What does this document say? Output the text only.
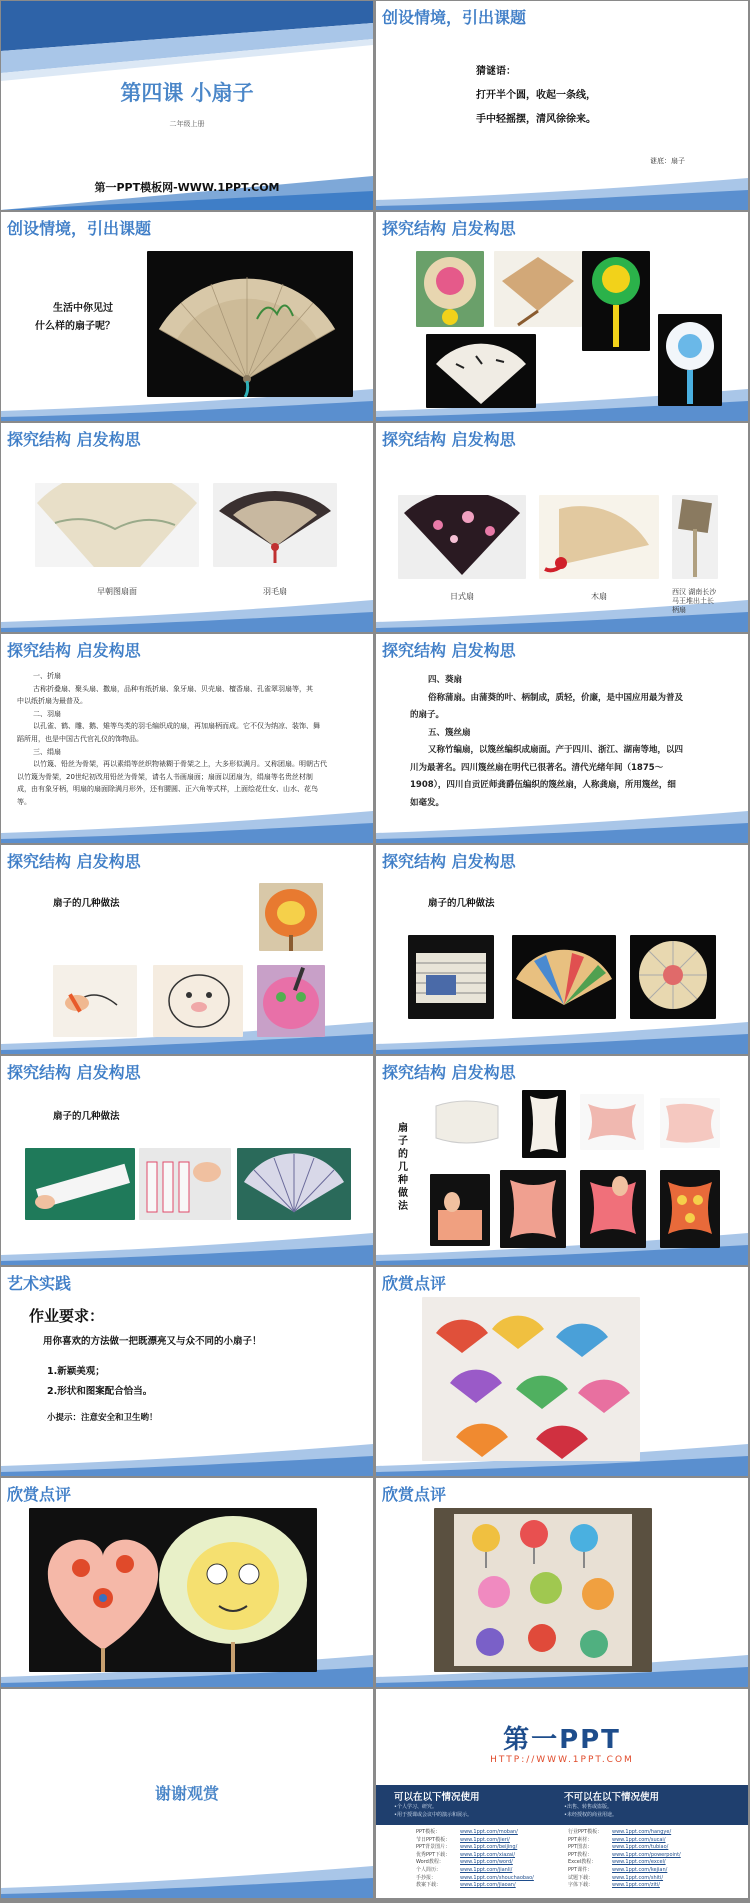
第四课 小扇子
二年级上册
第一PPT模板网-WWW.1PPT.COM
创设情境，引出课题
猜谜语：
打开半个圆，收起一条线，
手中轻摇摆，清风徐徐来。
谜底：扇子
创设情境，引出课题
生活中你见过
什么样的扇子呢？
探究结构 启发构思
探究结构 启发构思
早朝图扇面	羽毛扇
探究结构 启发构思
日式扇	木扇	西汉 湖南长沙
马王堆出土长
柄扇
探究结构 启发构思
一、折扇
古称折叠扇、聚头扇、撒扇，品种有纸折扇、象牙扇、贝壳扇、檀香扇、孔雀翠羽扇等，其
中以纸折扇为最普及。
二、羽扇
以孔雀、鹤、雕、鹅、雉等鸟类的羽毛编织成的扇，再加扇柄而成。它不仅为纳凉、装饰、舞
蹈所用，也是中国古代官礼仪的饰物品。
三、绢扇
以竹篾、铅丝为骨架，再以素绢等丝织物裱糊于骨架之上，大多形似满月。又称团扇。明朝古代
以竹篾为骨架，20世纪初改用铅丝为骨架，请名人书画扇面；扇面以团扇为，绢扇等名贵丝材制
成，由有象牙柄，明扇的扇面除满月形外，还有腰圆、正六角等式样，上面绘花仕女、山水、花鸟
等。
探究结构 启发构思
四、葵扇
俗称蒲扇。由蒲葵的叶、柄制成，质轻，价廉，是中国应用最为普及
的扇子。
五、篾丝扇
又称竹编扇，以篾丝编织成扇面。产于四川、浙江、湖南等地，以四
川为最著名。四川篾丝扇在明代已很著名。清代光绪年间（1875～
1908），四川自贡匠师龚爵伍编织的篾丝扇，人称龚扇，所用篾丝，细
如毫发。
探究结构 启发构思
扇子的几种做法
探究结构 启发构思
扇子的几种做法
探究结构 启发构思
扇子的几种做法
探究结构 启发构思
扇子的几种做法
艺术实践
作业要求：
用你喜欢的方法做一把既漂亮又与众不同的小扇子！
1.新颖美观；
2.形状和图案配合恰当。
小提示：注意安全和卫生哟！
欣赏点评
欣赏点评	欣赏点评
谢谢观赏
第一PPT
HTTP://WWW.1PPT.COM
可以在以下情况使用
•个人学习、研究。
•用于授课或会议中的演示和展示。
不可以在以下情况使用
•出售、转售或盗版。
•未经授权的商业用途。
PPT模板：	www.1ppt.com/moban/
节日PPT模板： www.1ppt.com/jieri/
PPT背景图片： www.1ppt.com/beijing/
优秀PPT下载： www.1ppt.com/xiazai/
Word教程：	www.1ppt.com/word/
个人简历：	www.1ppt.com/jianli/
手抄报：	www.1ppt.com/shouchaobao/
教案下载：	www.1ppt.com/jiaoan/
行业PPT模板： www.1ppt.com/hangye/
PPT素材：	www.1ppt.com/sucai/
PPT图表：	www.1ppt.com/tubiao/
PPT教程：	www.1ppt.com/powerpoint/
Excel教程：	www.1ppt.com/excel/
PPT课件：	www.1ppt.com/kejian/
试题下载：	www.1ppt.com/shiti/
字体下载：	www.1ppt.com/ziti/
